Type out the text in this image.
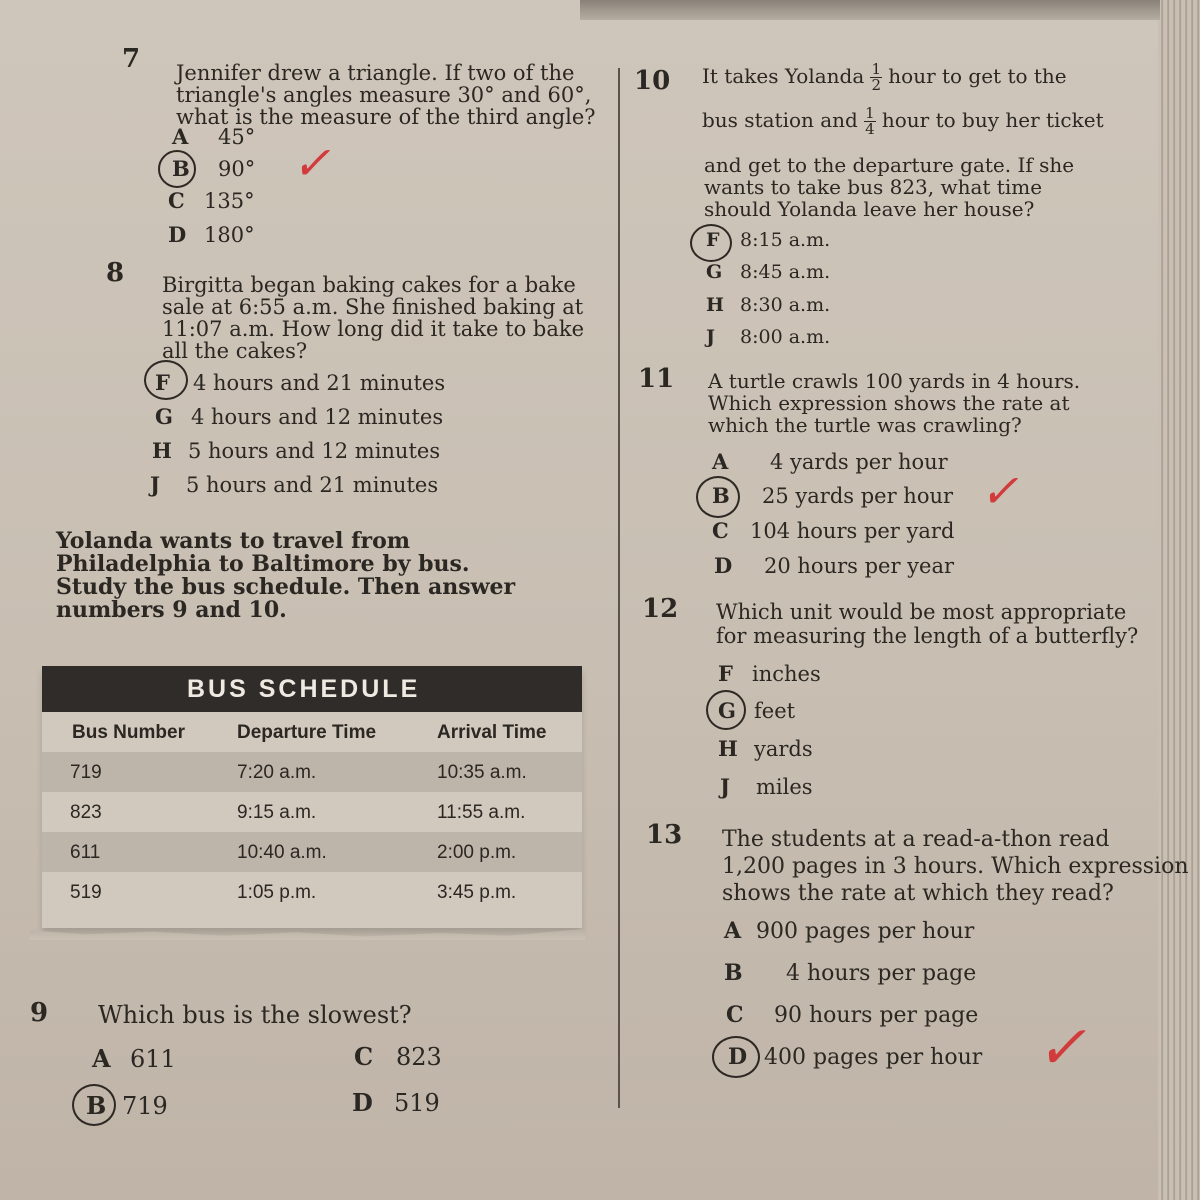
7 Jennifer drew a triangle. If two of the
triangle's angles measure 30° and 60°,
what is the measure of the third angle?
A 45°
B 90° ✓
C 135°
D 180°
8 Birgitta began baking cakes for a bake
sale at 6:55 a.m. She finished baking at
11:07 a.m. How long did it take to bake
all the cakes?
F 4 hours and 21 minutes
G 4 hours and 12 minutes
H 5 hours and 12 minutes
J 5 hours and 21 minutes
Yolanda wants to travel from
Philadelphia to Baltimore by bus.
Study the bus schedule. Then answer
numbers 9 and 10.
BUS SCHEDULE
Bus Number	Departure Time	Arrival Time
719	7:20 a.m.	10:35 a.m.
823	9:15 a.m.	11:55 a.m.
611	10:40 a.m.	2:00 p.m.
519	1:05 p.m.	3:45 p.m.
9 Which bus is the slowest?
A 611
B 719
C 823
D 519
10 It takes Yolanda $\frac{1}{2}$ hour to get to the
bus station and $\frac{1}{4}$ hour to buy her ticket
and get to the departure gate. If she
wants to take bus 823, what time
should Yolanda leave her house?
F 8:15 a.m.
G 8:45 a.m.
H 8:30 a.m.
J 8:00 a.m.
11 A turtle crawls 100 yards in 4 hours.
Which expression shows the rate at
which the turtle was crawling?
A 4 yards per hour
B 25 yards per hour ✓
C 104 hours per yard
D 20 hours per year
12 Which unit would be most appropriate
for measuring the length of a butterfly?
F inches
G feet
H yards
J miles
13 The students at a read-a-thon read
1,200 pages in 3 hours. Which expression
shows the rate at which they read?
A 900 pages per hour
B 4 hours per page
C 90 hours per page
D 400 pages per hour ✓
